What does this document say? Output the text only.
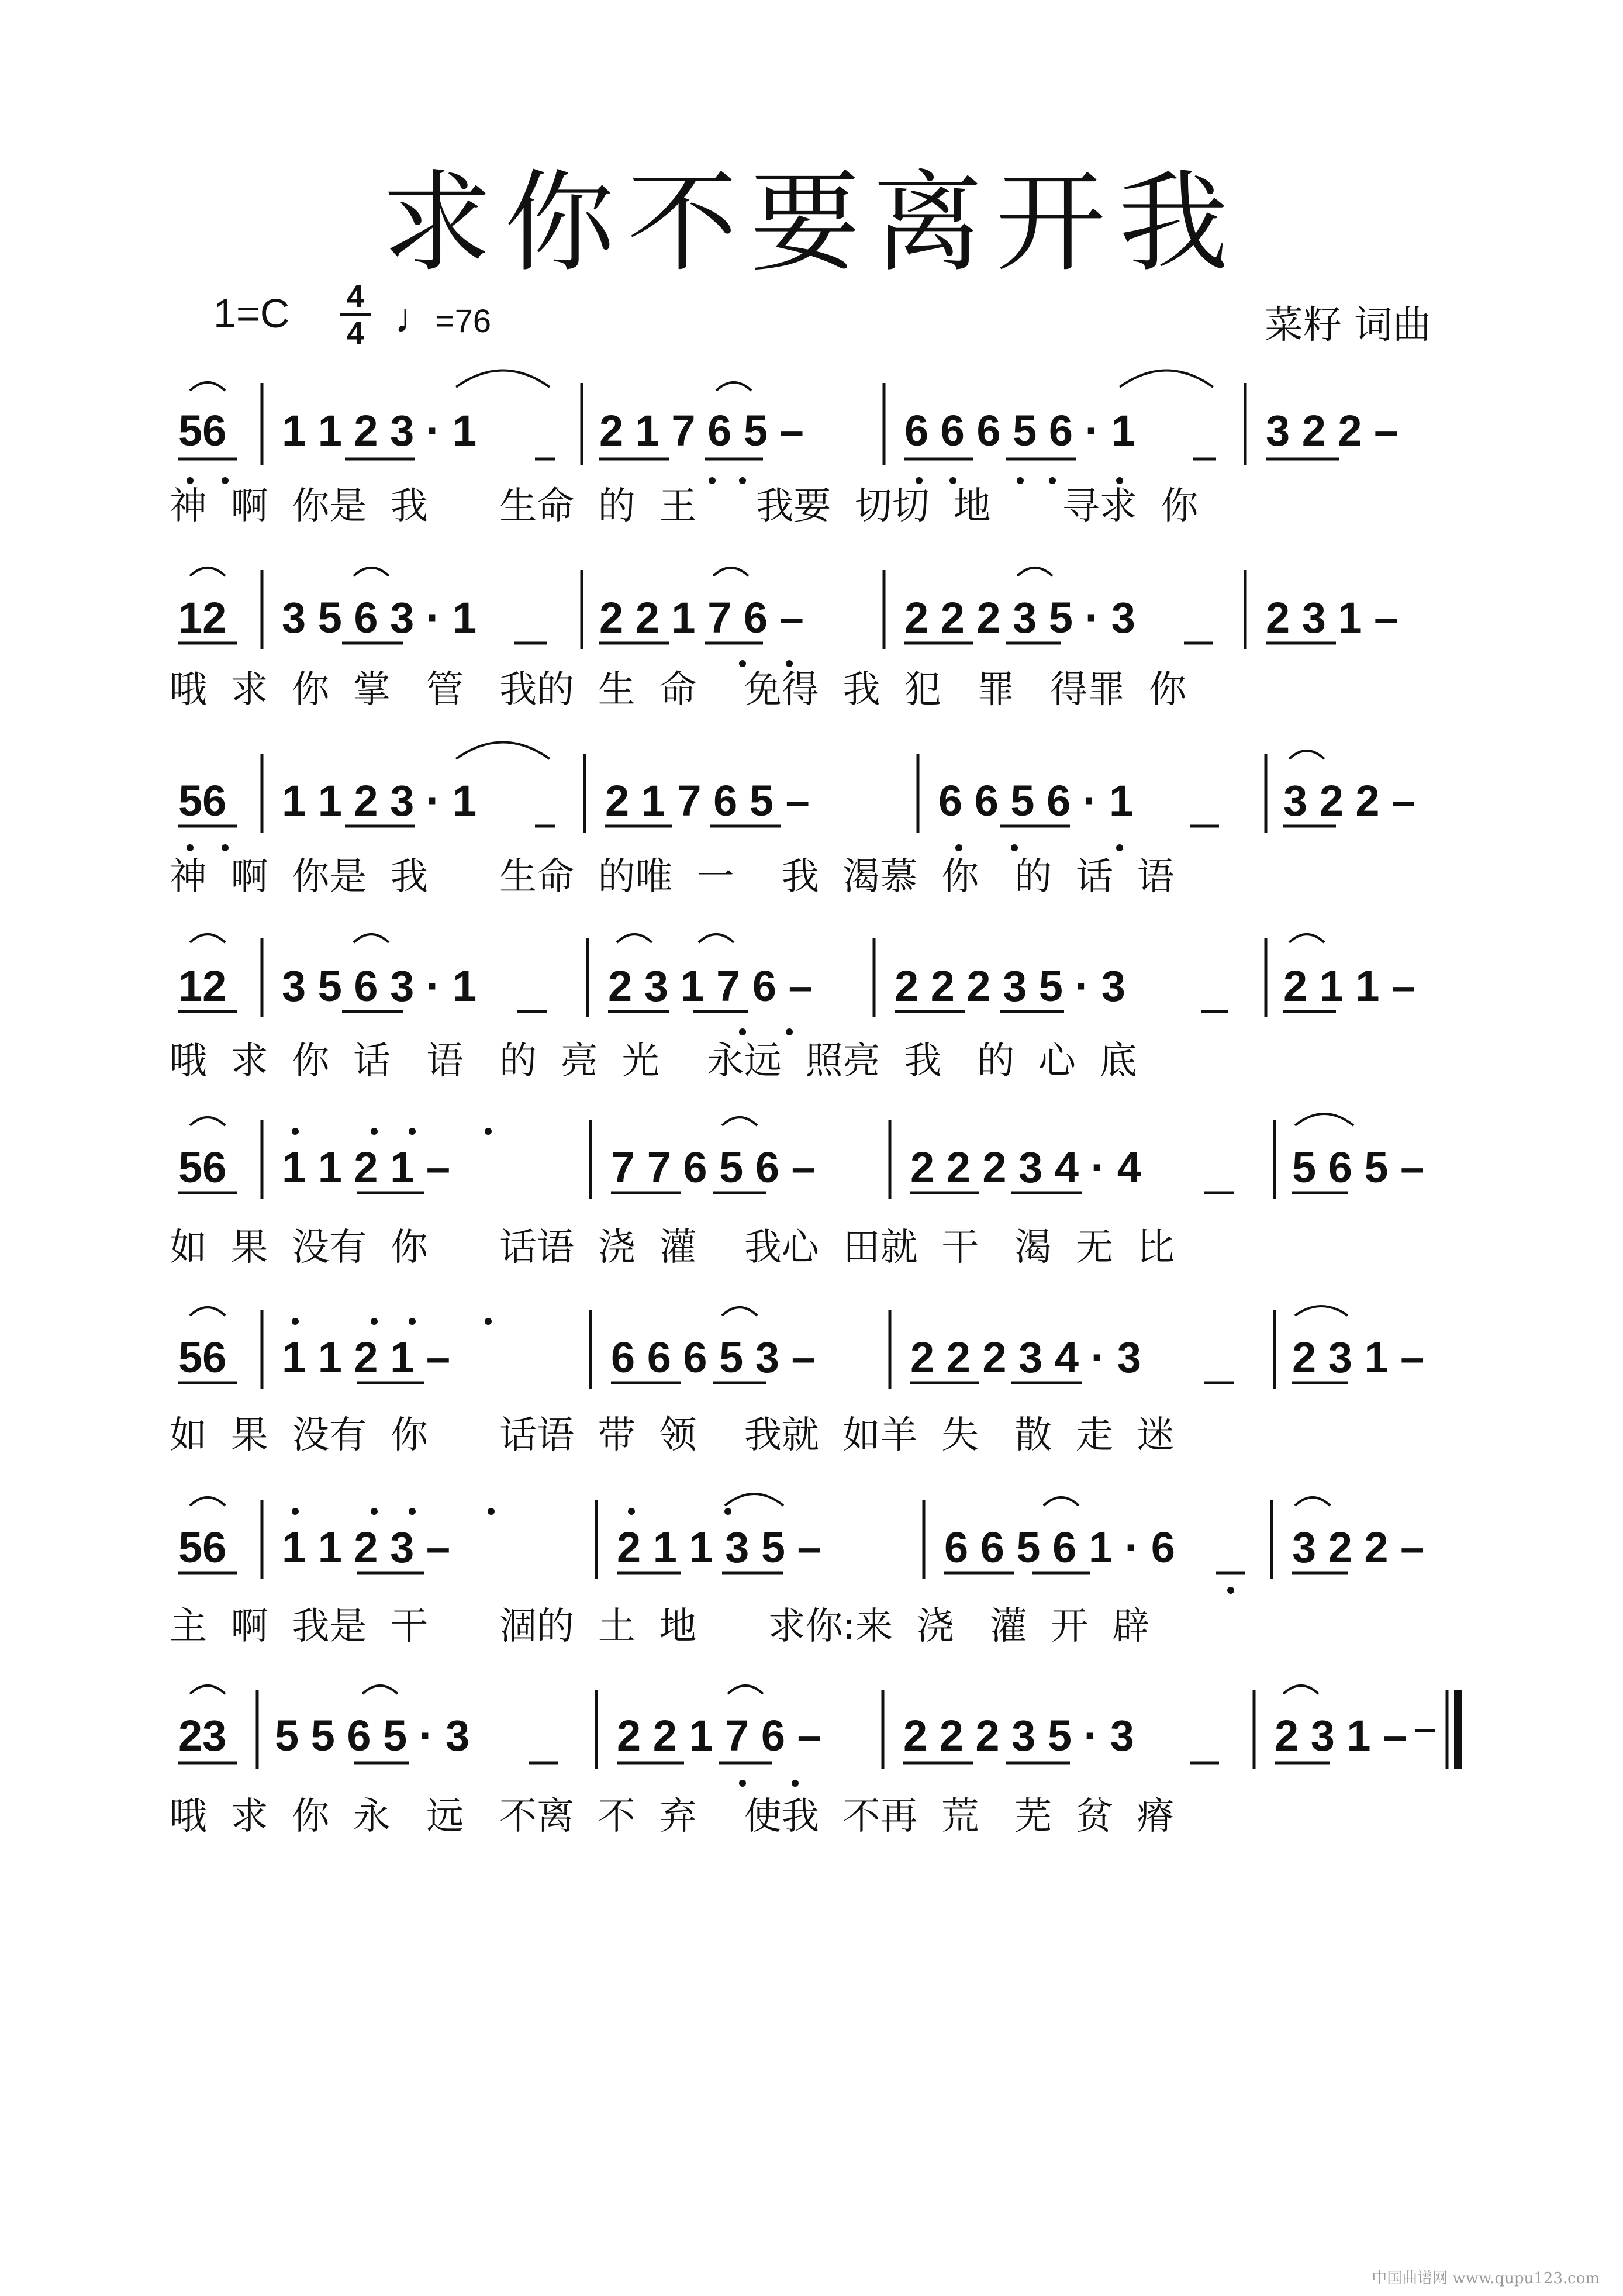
求你不要离开我
1=C 4
4 ♩=76	菜籽 词曲
56 1 1 2 3 · 1	2 1 7 6 5 – 6 6 6 5 6 · 1	3 2 2 –
神  啊  你是  我      生命  的  王     我要  切切  地      寻求  你
12 3 5 6 3 · 1	2 2 1 7 6 – 2 2 2 3 5 · 3	2 3 1 –
哦  求  你  掌   管   我的  生  命    免得  我  犯   罪   得罪  你
56 1 1 2 3 · 1	2 1 7 6 5 –	6 6 5 6 · 1	3 2 2 –
神  啊  你是  我      生命  的唯  一    我  渴慕  你   的  话  语
12 3 5 6 3 · 1	2 3 1 7 6 – 2 2 2 3 5 · 3	2 1 1 –
哦  求  你  话   语   的  亮  光    永远  照亮  我   的  心  底
56 1 1 2 1 –	7 7 6 5 6 – 2 2 2 3 4 · 4	5 6 5 –
如  果  没有  你      话语  浇  灌    我心  田就  干   渴  无  比
56 1 1 2 1 –	6 6 6 5 3 – 2 2 2 3 4 · 3	2 3 1 –
如  果  没有  你      话语  带  领    我就  如羊  失   散  走  迷
56 1 1 2 3 –	2 1 1 3 5 –	6 6 5 6 1 · 6	3 2 2 –
主  啊  我是  干      涸的  土  地      求你:来  浇   灌  开  辟
23 5 5 6 5 · 3	2 2 1 7 6 – 2 2 2 3 5 · 3	2 3 1 –
哦  求  你  永   远   不离  不  弃    使我  不再  荒   芜  贫  瘠
中国曲谱网 www.qupu123.com
